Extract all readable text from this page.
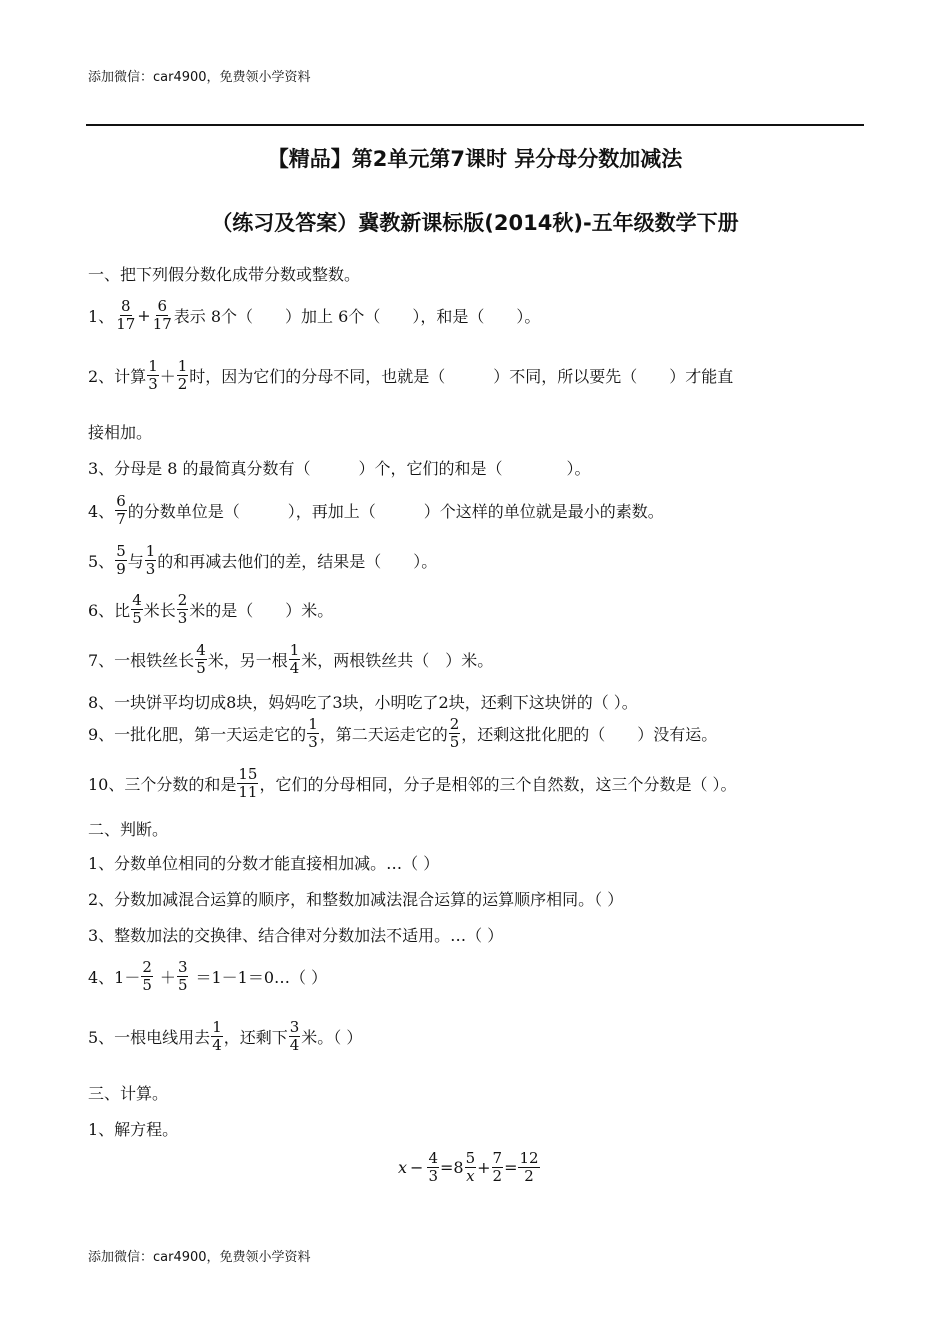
添加微信：car4900，免费领小学资料
【精品】第2单元第7课时 异分母分数加减法
（练习及答案）冀教新课标版(2014秋)-五年级数学下册
一、把下列假分数化成带分数或整数。
1、 $\frac{8}{17} + \frac{6}{17}$ 表示 8个（　　）加上 6个（　　），和是（　　）。
2、计算 $\frac{1}{3} + \frac{1}{2}$ 时，因为它们的分母不同，也就是（　　　）不同，所以要先（　　）才能直
接相加。
3、分母是 8 的最简真分数有（　　　）个，它们的和是（　　　　）。
4、 $\frac{6}{7}$ 的分数单位是（　　　），再加上（　　　）个这样的单位就是最小的素数。
5、 $\frac{5}{9}$ 与 $\frac{1}{3}$ 的和再减去他们的差，结果是（　　）。
6、比 $\frac{4}{5}$ 米长 $\frac{2}{3}$ 米的是（　　）米。
7、一根铁丝长 $\frac{4}{5}$ 米，另一根 $\frac{1}{4}$ 米，两根铁丝共（　）米。
8、一块饼平均切成8块，妈妈吃了3块，小明吃了2块，还剩下这块饼的（ ）。
9、一批化肥，第一天运走它的 $\frac{1}{3}$ ，第二天运走它的 $\frac{2}{5}$ ，还剩这批化肥的（　　）没有运。
10、三个分数的和是 $\frac{15}{11}$ ，它们的分母相同，分子是相邻的三个自然数，这三个分数是（ ）。
二、判断。
1、分数单位相同的分数才能直接相加减。…（ ）
2、分数加减混合运算的顺序，和整数加减法混合运算的运算顺序相同。（ ）
3、整数加法的交换律、结合律对分数加法不适用。…（ ）
4、$1- \frac{2}{5} + \frac{3}{5}$ ＝1－1＝0…（ ）
5、一根电线用去 $\frac{1}{4}$ ，还剩下 $\frac{3}{4}$ 米。（ ）
三、计算。
1、解方程。
$x - \frac{4}{3} =8 \frac{5}{x} + \frac{7}{2} = \frac{12}{2}$
添加微信：car4900，免费领小学资料
